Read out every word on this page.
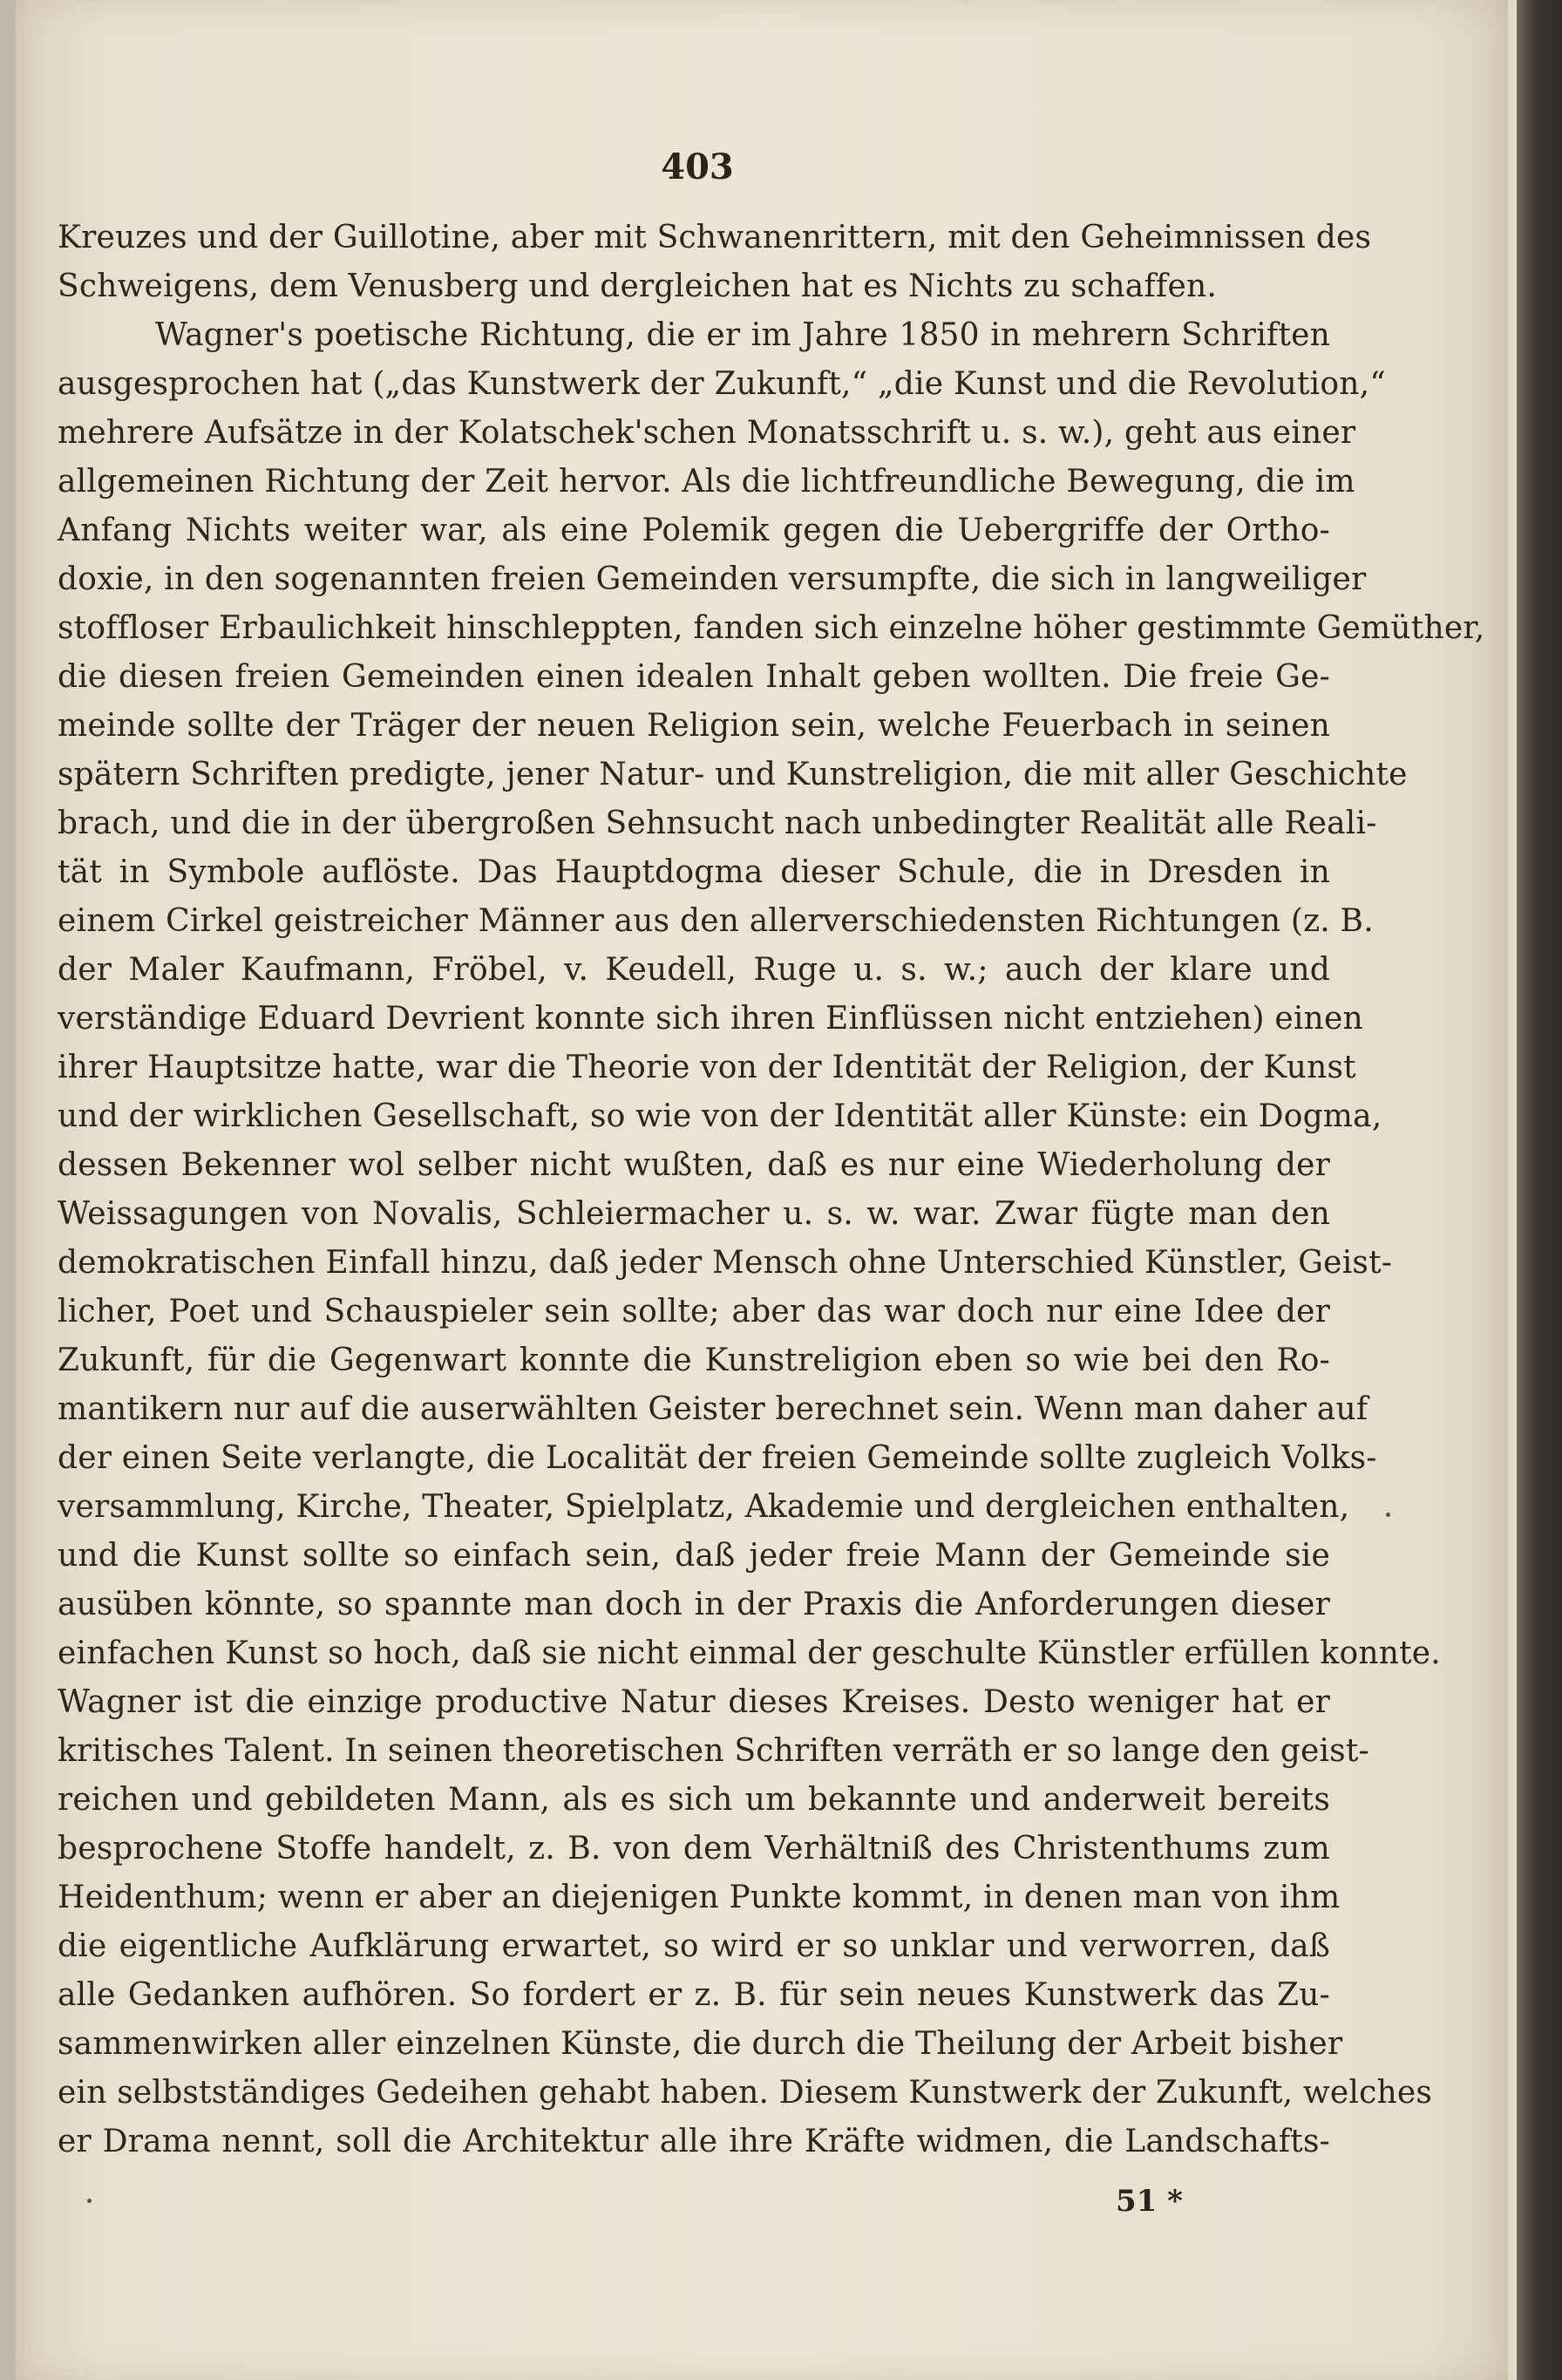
403
Kreuzes und der Guillotine, aber mit Schwanenrittern, mit den Geheimnissen des
Schweigens, dem Venusberg und dergleichen hat es Nichts zu schaffen.
Wagner's poetische Richtung, die er im Jahre 1850 in mehrern Schriften
ausgesprochen hat („das Kunstwerk der Zukunft,“ „die Kunst und die Revolution,“
mehrere Aufsätze in der Kolatschek'schen Monatsschrift u. s. w.), geht aus einer
allgemeinen Richtung der Zeit hervor. Als die lichtfreundliche Bewegung, die im
Anfang Nichts weiter war, als eine Polemik gegen die Uebergriffe der Ortho-
doxie, in den sogenannten freien Gemeinden versumpfte, die sich in langweiliger
stoffloser Erbaulichkeit hinschleppten, fanden sich einzelne höher gestimmte Gemüther,
die diesen freien Gemeinden einen idealen Inhalt geben wollten. Die freie Ge-
meinde sollte der Träger der neuen Religion sein, welche Feuerbach in seinen
spätern Schriften predigte, jener Natur- und Kunstreligion, die mit aller Geschichte
brach, und die in der übergroßen Sehnsucht nach unbedingter Realität alle Reali-
tät in Symbole auflöste. Das Hauptdogma dieser Schule, die in Dresden in
einem Cirkel geistreicher Männer aus den allerverschiedensten Richtungen (z. B.
der Maler Kaufmann, Fröbel, v. Keudell, Ruge u. s. w.; auch der klare und
verständige Eduard Devrient konnte sich ihren Einflüssen nicht entziehen) einen
ihrer Hauptsitze hatte, war die Theorie von der Identität der Religion, der Kunst
und der wirklichen Gesellschaft, so wie von der Identität aller Künste: ein Dogma,
dessen Bekenner wol selber nicht wußten, daß es nur eine Wiederholung der
Weissagungen von Novalis, Schleiermacher u. s. w. war. Zwar fügte man den
demokratischen Einfall hinzu, daß jeder Mensch ohne Unterschied Künstler, Geist-
licher, Poet und Schauspieler sein sollte; aber das war doch nur eine Idee der
Zukunft, für die Gegenwart konnte die Kunstreligion eben so wie bei den Ro-
mantikern nur auf die auserwählten Geister berechnet sein. Wenn man daher auf
der einen Seite verlangte, die Localität der freien Gemeinde sollte zugleich Volks-
versammlung, Kirche, Theater, Spielplatz, Akademie und dergleichen enthalten,
und die Kunst sollte so einfach sein, daß jeder freie Mann der Gemeinde sie
ausüben könnte, so spannte man doch in der Praxis die Anforderungen dieser
einfachen Kunst so hoch, daß sie nicht einmal der geschulte Künstler erfüllen konnte.
Wagner ist die einzige productive Natur dieses Kreises. Desto weniger hat er
kritisches Talent. In seinen theoretischen Schriften verräth er so lange den geist-
reichen und gebildeten Mann, als es sich um bekannte und anderweit bereits
besprochene Stoffe handelt, z. B. von dem Verhältniß des Christenthums zum
Heidenthum; wenn er aber an diejenigen Punkte kommt, in denen man von ihm
die eigentliche Aufklärung erwartet, so wird er so unklar und verworren, daß
alle Gedanken aufhören. So fordert er z. B. für sein neues Kunstwerk das Zu-
sammenwirken aller einzelnen Künste, die durch die Theilung der Arbeit bisher
ein selbstständiges Gedeihen gehabt haben. Diesem Kunstwerk der Zukunft, welches
er Drama nennt, soll die Architektur alle ihre Kräfte widmen, die Landschafts-
51 *
